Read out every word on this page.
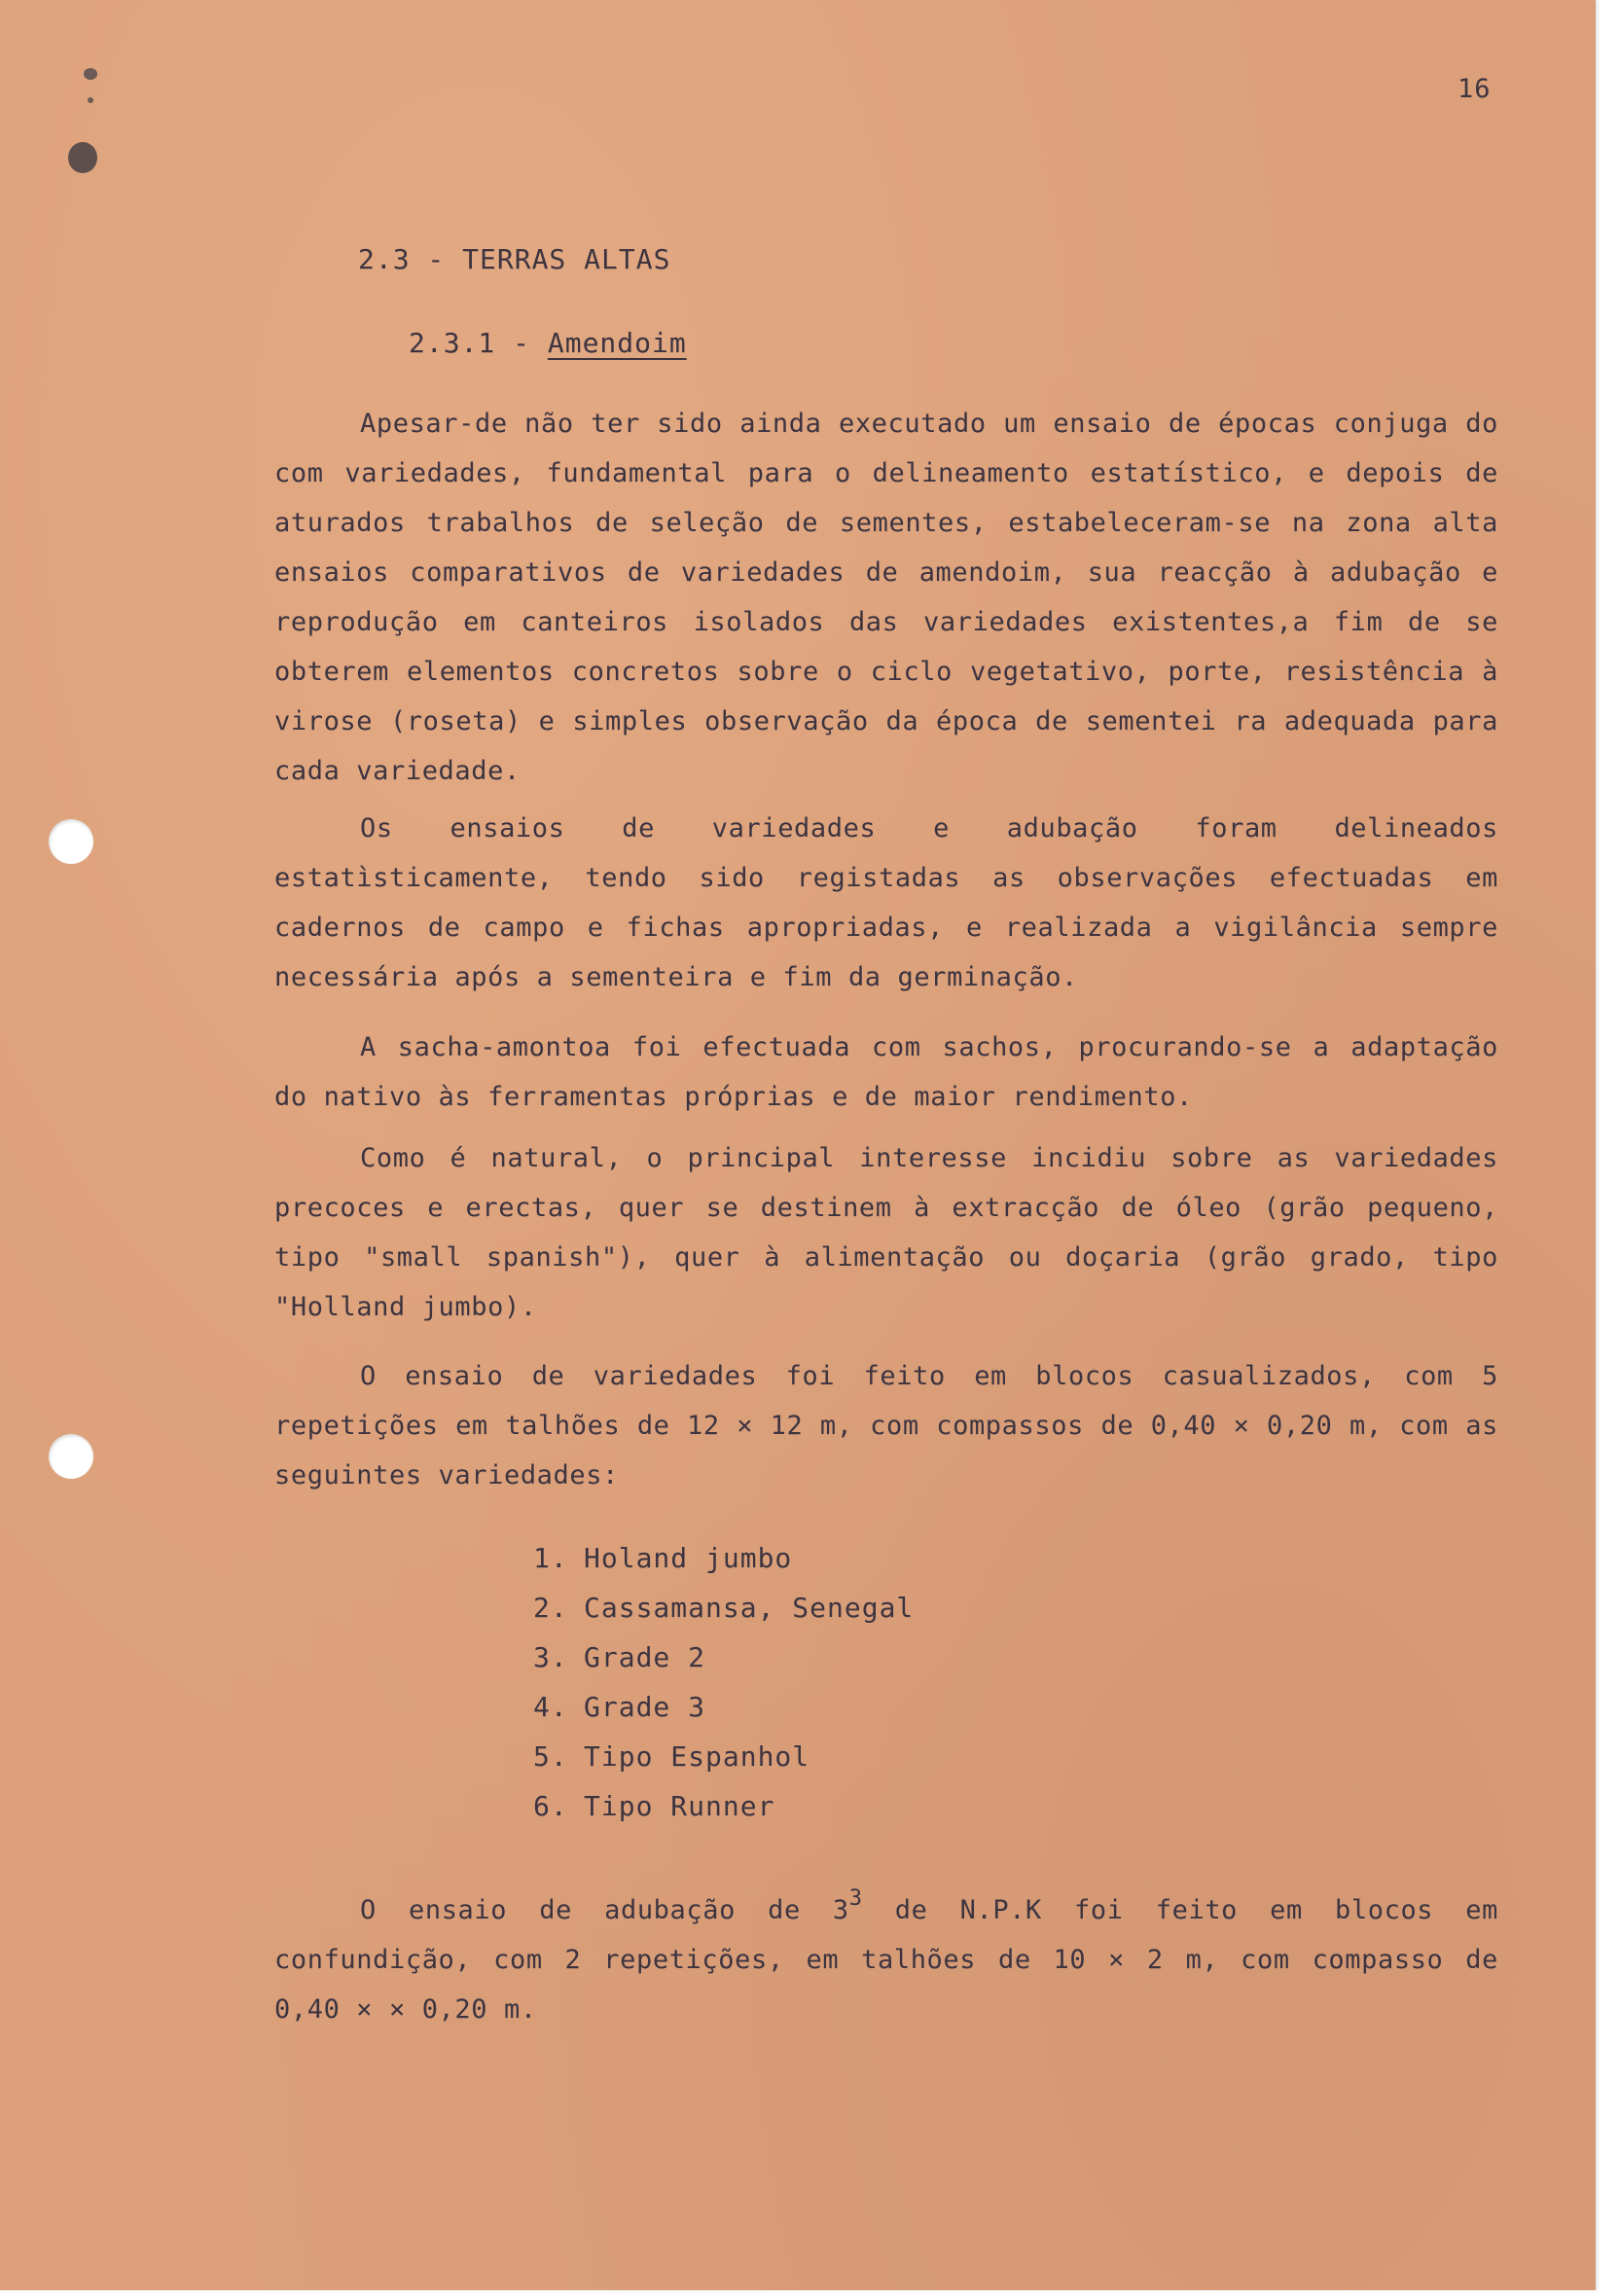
16
2.3 - TERRAS ALTAS
2.3.1 - Amendoim

Apesar-de não ter sido ainda executado um ensaio de épocas conjuga do com variedades, fundamental para o delineamento estatístico, e depois de aturados trabalhos de seleção de sementes, estabeleceram-se na zona alta ensaios comparativos de variedades de amendoim, sua reacção à adubação e reprodução em canteiros isolados das variedades existentes,a fim de se obterem elementos concretos sobre o ciclo vegetativo, porte, resistência à virose (roseta) e simples observação da época de sementei ra adequada para cada variedade.

Os ensaios de variedades e adubação foram delineados estatìsticamente, tendo sido registadas as observações efectuadas em cadernos de campo e fichas apropriadas, e realizada a vigilância sempre necessária após a sementeira e fim da germinação.

A sacha-amontoa foi efectuada com sachos, procurando-se a adaptação do nativo às ferramentas próprias e de maior rendimento.

Como é natural, o principal interesse incidiu sobre as variedades precoces e erectas, quer se destinem à extracção de óleo (grão pequeno, tipo "small spanish"), quer à alimentação ou doçaria (grão grado, tipo "Holland jumbo).

O ensaio de variedades foi feito em blocos casualizados, com 5 repetições em talhões de 12 × 12 m, com compassos de 0,40 × 0,20 m, com as seguintes variedades:

1. Holand jumbo
2. Cassamansa, Senegal
3. Grade 2
4. Grade 3
5. Tipo Espanhol
6. Tipo Runner

O ensaio de adubação de $3^3$ de N.P.K foi feito em blocos em confundição, com 2 repetições, em talhões de 10 × 2 m, com compasso de 0,40 × × 0,20 m.
